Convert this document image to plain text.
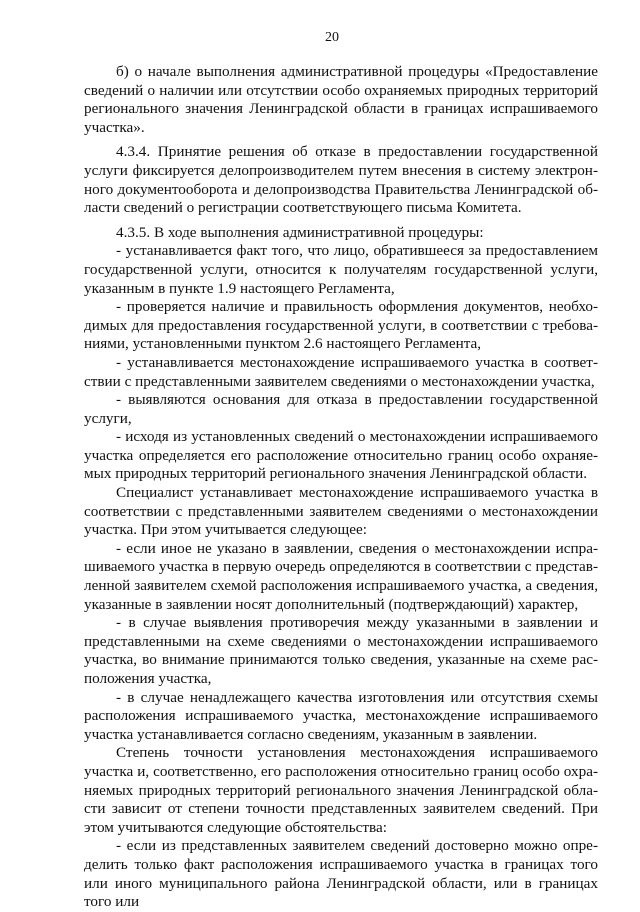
20

б) о начале выполнения административной процедуры «Предоставление сведений о наличии или отсутствии особо охраняемых природных территорий регионального значения Ленинградской области в границах испрашиваемого участка».

4.3.4. Принятие решения об отказе в предоставлении государственной услуги фиксируется делопроизводителем путем внесения в систему электронного документооборота и делопроизводства Правительства Ленинградской области сведений о регистрации соответствующего письма Комитета.

4.3.5. В ходе выполнения административной процедуры:

- устанавливается факт того, что лицо, обратившееся за предоставлением государственной услуги, относится к получателям государственной услуги, указанным в пункте 1.9 настоящего Регламента,

- проверяется наличие и правильность оформления документов, необходимых для предоставления государственной услуги, в соответствии с требованиями, установленными пунктом 2.6 настоящего Регламента,

- устанавливается местонахождение испрашиваемого участка в соответствии с представленными заявителем сведениями о местонахождении участка,

- выявляются основания для отказа в предоставлении государственной услуги,

- исходя из установленных сведений о местонахождении испрашиваемого участка определяется его расположение относительно границ особо охраняемых природных территорий регионального значения Ленинградской области.

Специалист устанавливает местонахождение испрашиваемого участка в соответствии с представленными заявителем сведениями о местонахождении участка. При этом учитывается следующее:

- если иное не указано в заявлении, сведения о местонахождении испрашиваемого участка в первую очередь определяются в соответствии с представленной заявителем схемой расположения испрашиваемого участка, а сведения, указанные в заявлении носят дополнительный (подтверждающий) характер,

- в случае выявления противоречия между указанными в заявлении и представленными на схеме сведениями о местонахождении испрашиваемого участка, во внимание принимаются только сведения, указанные на схеме расположения участка,

- в случае ненадлежащего качества изготовления или отсутствия схемы расположения испрашиваемого участка, местонахождение испрашиваемого участка устанавливается согласно сведениям, указанным в заявлении.

Степень точности установления местонахождения испрашиваемого участка и, соответственно, его расположения относительно границ особо охраняемых природных территорий регионального значения Ленинградской области зависит от степени точности представленных заявителем сведений. При этом учитываются следующие обстоятельства:

- если из представленных заявителем сведений достоверно можно определить только факт расположения испрашиваемого участка в границах того или иного муниципального района Ленинградской области, или в границах того или
